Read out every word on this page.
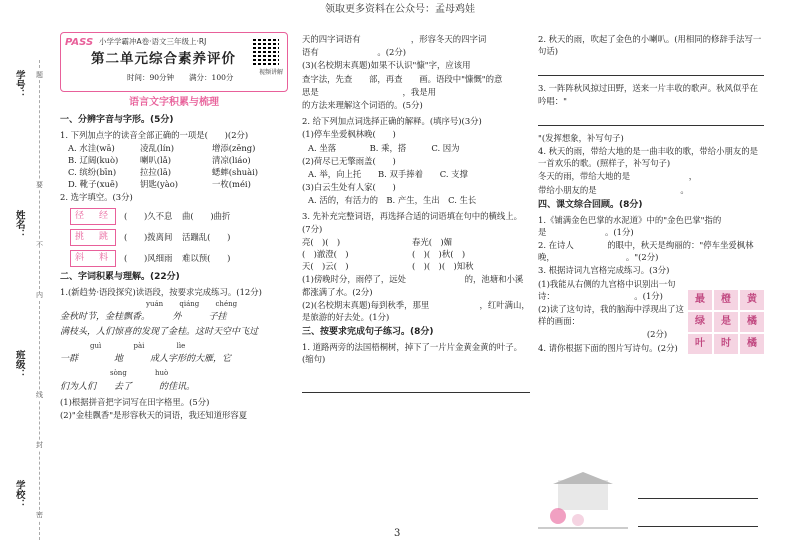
领取更多资料在公众号：孟母鸡娃
学号：
姓名：
班级：
学校：
题
要
不
内
线
封
密
PASS 小学学霸冲A卷·语文三年级上·RJ
第二单元综合素养评价
时间：90分钟　　满分：100分
视频讲解
语言文字积累与梳理
一、分辨字音与字形。(5分)
1. 下列加点字的读音全部正确的一项是(　　)(2分)
A. 水洼(wā)	凌乱(lín)	增添(zēng)
B. 辽阔(kuò)	喇叭(lǎ)	清凉(liáo)
C. 缤纷(bīn)	拉拉(lā)	蟋蟀(shuài)
D. 靴子(xuē)	钥匙(yào)	一枚(méi)
2. 选字填空。(3分)
径　经	(　　)久不息	曲(　　)曲折
挑　跳	(　　)拨离间	活蹦乱(　　)
斜　料	(　　)风细雨	难以预(　　)
二、字词积累与理解。(22分)
1.(新趋势·语段探究)读语段，按要求完成练习。(12分)
yuán qiáng chéng
金秋时节，金桂飘香。　　　外　　　子挂
满枝头，人们惊喜的发现了金桂。这时天空中飞过
guì	pài	lìe
一群　　　　地　　　成人字形的大雁，它
sòng	huò
们为人们　　去了　　　的佳讯。
(1)根据拼音把字词写在田字格里。(5分)
(2)"金桂飘香"是形容秋天的词语，我还知道形容夏
天的四字词语有　　　　　　，形容冬天的四字词
语有　　　　　　　。(2分)
(3)(名校期末真题)如果不认识"慷"字，应该用
查字法，先查　　部，再查　　画。语段中"慷慨"的意
思是　　　　　　　　　　，我是用　　　　　　
的方法来理解这个词语的。(5分)
2. 给下列加点词选择正确的解释。(填序号)(3分)
(1)停车坐爱枫林晚(　　)
A. 坐落　　　　B. 乘，搭　　　C. 因为
(2)荷尽已无擎雨盖(　　)
A. 举，向上托　　B. 双手捧着　　C. 支撑
(3)白云生处有人家(　　)
A. 活的，有活力的　B. 产生，生出　C. 生长
3. 先补充完整词语，再选择合适的词语填在句中的横线上。(7分)
亮(　)(　)	春光(　)媚
(　)澈澄(　)	(　)(　)秋(　)
天(　)云(　)	(　)(　)(　)知秋
(1)傍晚时分，雨停了，远处　　　　　　　的，池塘和小溪都涨满了水。(2分)
(2)(名校期末真题)每到秋季，那里　　　　　　，红叶满山，是旅游的好去处。(1分)
三、按要求完成句子练习。(8分)
1. 道路两旁的法国梧桐树，掉下了一片片金黄金黄的叶子。(缩句)
2. 秋天的雨，吹起了金色的小喇叭。(用相同的修辞手法写一句话)
3. 一阵阵秋风掠过田野，送来一片丰收的歌声。秋风似乎在吟唱："
"(发挥想象，补写句子)
4. 秋天的雨，带给大地的是一曲丰收的歌，带给小朋友的是一首欢乐的歌。(照样子，补写句子)
冬天的雨，带给大地的是　　　　　　　，
带给小朋友的是　　　　　　　　　　。
四、课文综合回顾。(8分)
1.《铺满金色巴掌的水泥道》中的"金色巴掌"指的是　　　　　　　。(1分)
2. 在诗人　　　　的眼中，秋天是绚丽的："停车坐爱枫林晚，　　　　　　　　　。"(2分)
3. 根据诗词九宫格完成练习。(3分)
(1)我能从右侧的九宫格中识别出一句诗：　　　　　　　　　　。(1分)
(2)读了这句诗，我的脑海中浮现出了这样的画面：
　　　　　　　　　　　　　(2分)
4. 请你根据下面的图片写诗句。(2分)
最	橙	黄
绿	是	橘
叶	时	橘
3
